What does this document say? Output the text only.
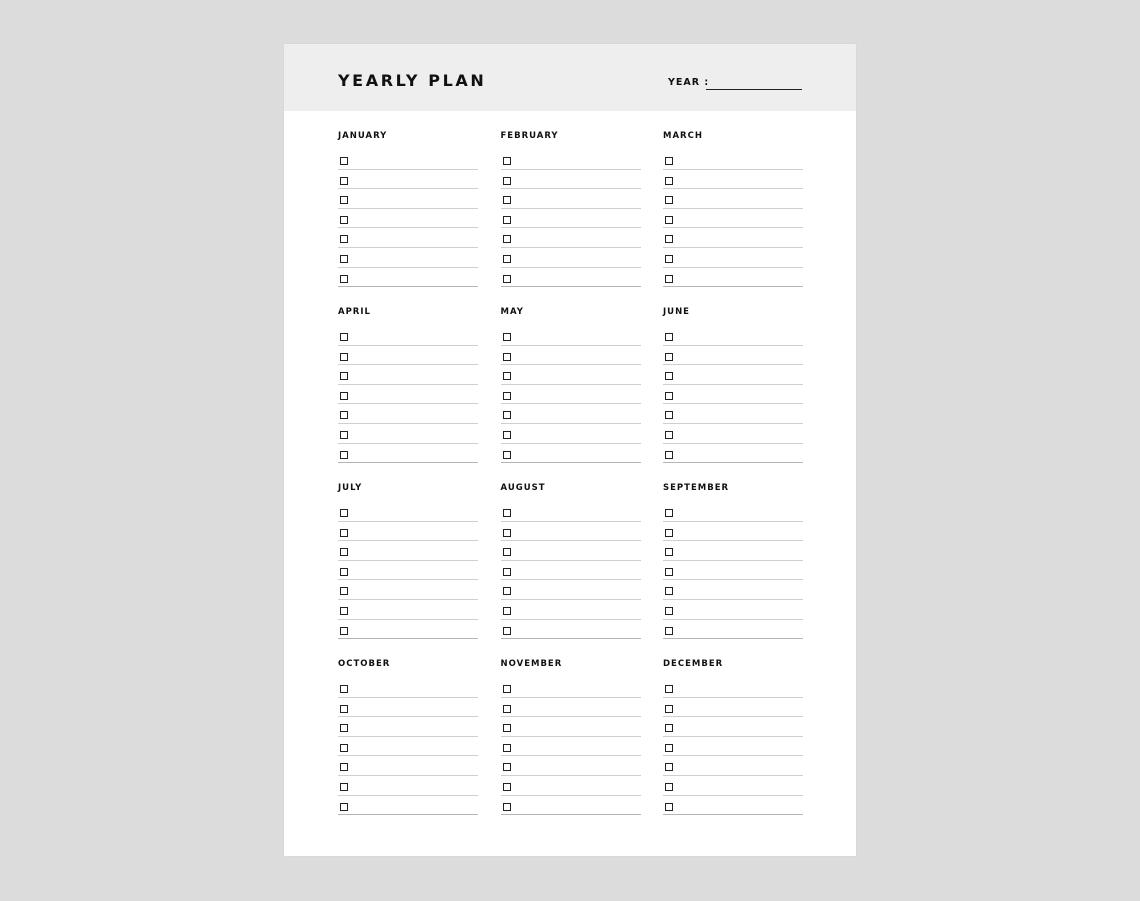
YEARLY PLAN	YEAR :
JANUARY	FEBRUARY	MARCH
APRIL	MAY	JUNE
JULY	AUGUST	SEPTEMBER
OCTOBER	NOVEMBER	DECEMBER
